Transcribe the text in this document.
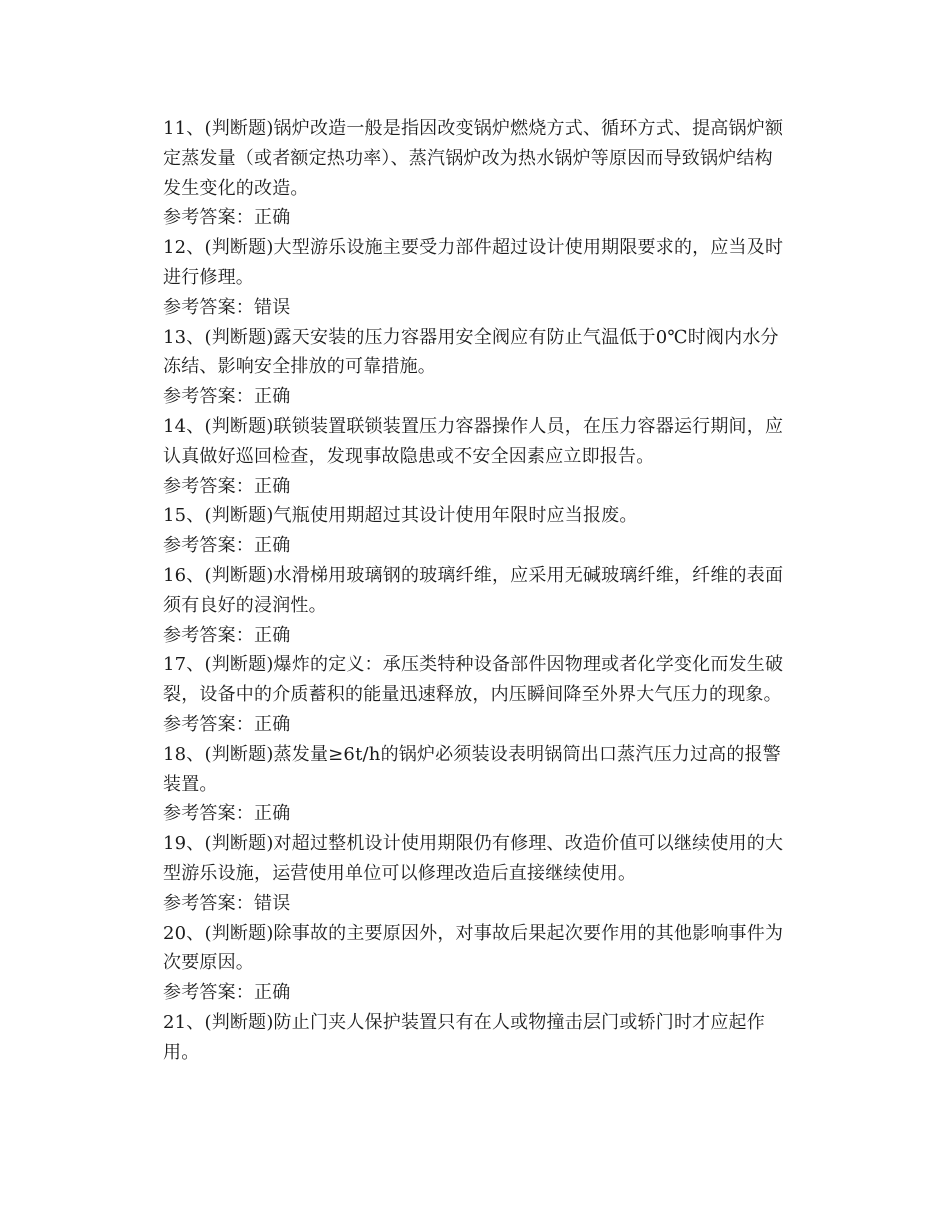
11、(判断题)锅炉改造一般是指因改变锅炉燃烧方式、循环方式、提高锅炉额定蒸发量（或者额定热功率）、蒸汽锅炉改为热水锅炉等原因而导致锅炉结构发生变化的改造。

参考答案：正确

12、(判断题)大型游乐设施主要受力部件超过设计使用期限要求的，应当及时进行修理。

参考答案：错误

13、(判断题)露天安装的压力容器用安全阀应有防止气温低于0℃时阀内水分冻结、影响安全排放的可靠措施。

参考答案：正确

14、(判断题)联锁装置联锁装置压力容器操作人员，在压力容器运行期间，应认真做好巡回检查，发现事故隐患或不安全因素应立即报告。

参考答案：正确

15、(判断题)气瓶使用期超过其设计使用年限时应当报废。

参考答案：正确

16、(判断题)水滑梯用玻璃钢的玻璃纤维，应采用无碱玻璃纤维，纤维的表面须有良好的浸润性。

参考答案：正确

17、(判断题)爆炸的定义：承压类特种设备部件因物理或者化学变化而发生破裂，设备中的介质蓄积的能量迅速释放，内压瞬间降至外界大气压力的现象。

参考答案：正确

18、(判断题)蒸发量≥6t/h的锅炉必须装设表明锅筒出口蒸汽压力过高的报警装置。

参考答案：正确

19、(判断题)对超过整机设计使用期限仍有修理、改造价值可以继续使用的大型游乐设施，运营使用单位可以修理改造后直接继续使用。

参考答案：错误

20、(判断题)除事故的主要原因外，对事故后果起次要作用的其他影响事件为次要原因。

参考答案：正确

21、(判断题)防止门夹人保护装置只有在人或物撞击层门或轿门时才应起作用。
